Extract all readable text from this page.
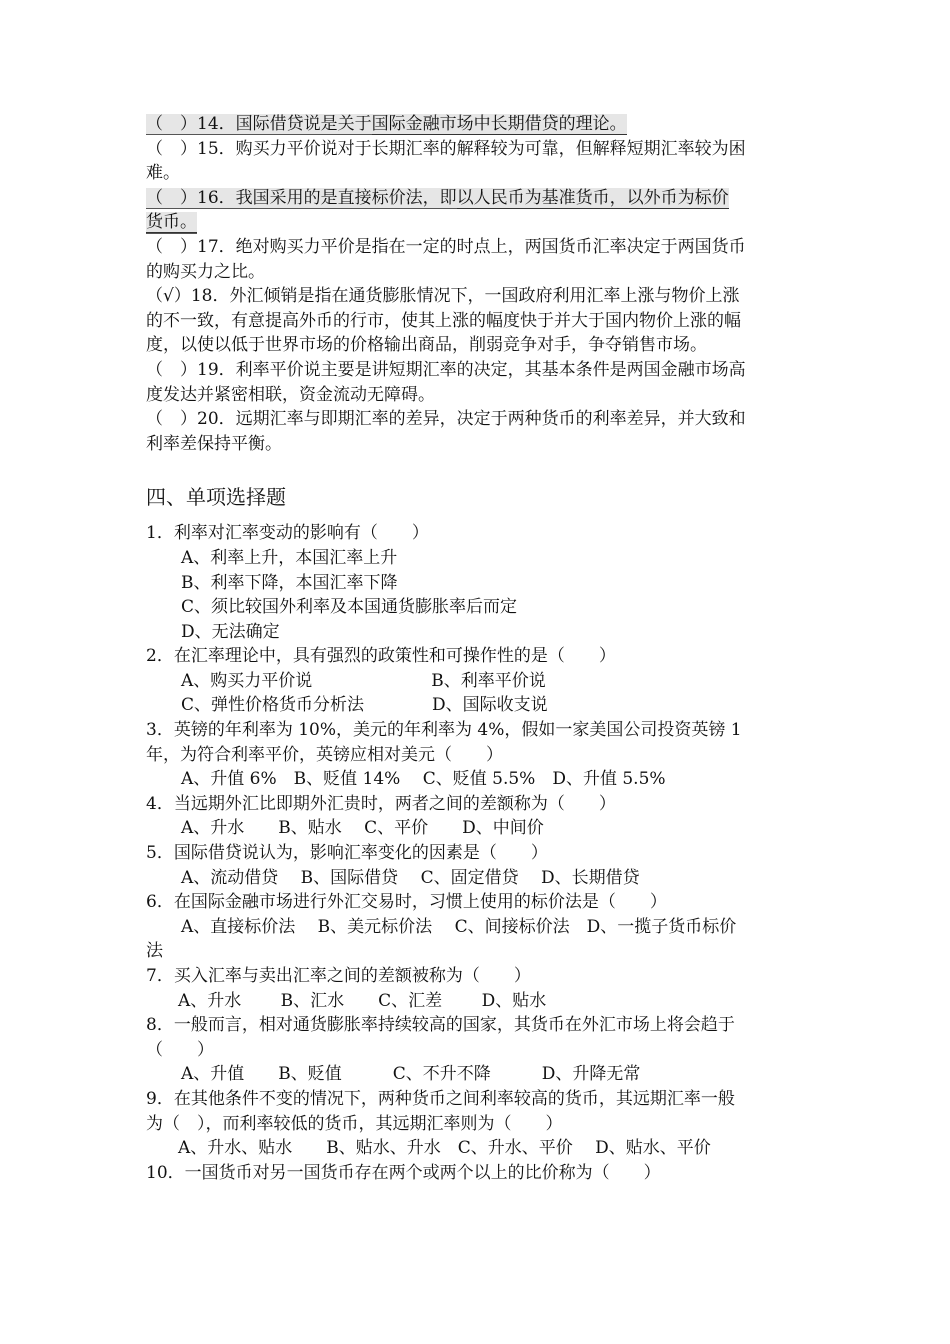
（　）14．国际借贷说是关于国际金融市场中长期借贷的理论。
（　）15．购买力平价说对于长期汇率的解释较为可靠，但解释短期汇率较为困
难。
（　）16．我国采用的是直接标价法，即以人民币为基准货币，以外币为标价
货币。
（　）17．绝对购买力平价是指在一定的时点上，两国货币汇率决定于两国货币
的购买力之比。
（√）18．外汇倾销是指在通货膨胀情况下，一国政府利用汇率上涨与物价上涨
的不一致，有意提高外币的行市，使其上涨的幅度快于并大于国内物价上涨的幅
度，以使以低于世界市场的价格输出商品，削弱竞争对手，争夺销售市场。
（　）19．利率平价说主要是讲短期汇率的决定，其基本条件是两国金融市场高
度发达并紧密相联，资金流动无障碍。
（　）20．远期汇率与即期汇率的差异，决定于两种货币的利率差异，并大致和
利率差保持平衡。
四、单项选择题
1．利率对汇率变动的影响有（　　）
A、利率上升，本国汇率上升
B、利率下降，本国汇率下降
C、须比较国外利率及本国通货膨胀率后而定
D、无法确定
2．在汇率理论中，具有强烈的政策性和可操作性的是（　　）
A、购买力平价说　　　　　　　B、利率平价说
C、弹性价格货币分析法　　　　D、国际收支说
3．英镑的年利率为 10%，美元的年利率为 4%，假如一家美国公司投资英镑 1
年，为符合利率平价，英镑应相对美元（　　）
A、升值 6%　B、贬值 14%　 C、贬值 5.5%　D、升值 5.5%
4．当远期外汇比即期外汇贵时，两者之间的差额称为（　　）
A、升水　　B、贴水　 C、平价　　D、中间价
5．国际借贷说认为，影响汇率变化的因素是（　　）
A、流动借贷　 B、国际借贷　 C、固定借贷　 D、长期借贷
6．在国际金融市场进行外汇交易时，习惯上使用的标价法是（　　）
A、直接标价法　 B、美元标价法　 C、间接标价法　D、一揽子货币标价
法
7．买入汇率与卖出汇率之间的差额被称为（　　）
A、升水　　 B、汇水　　C、汇差　　 D、贴水
8．一般而言，相对通货膨胀率持续较高的国家，其货币在外汇市场上将会趋于
（　　）
A、升值　　B、贬值　　　C、不升不降　　　D、升降无常
9．在其他条件不变的情况下，两种货币之间利率较高的货币，其远期汇率一般
为（　），而利率较低的货币，其远期汇率则为（　　）
A、升水、贴水　　B、贴水、升水　C、升水、平价　 D、贴水、平价
10．一国货币对另一国货币存在两个或两个以上的比价称为（　　）
